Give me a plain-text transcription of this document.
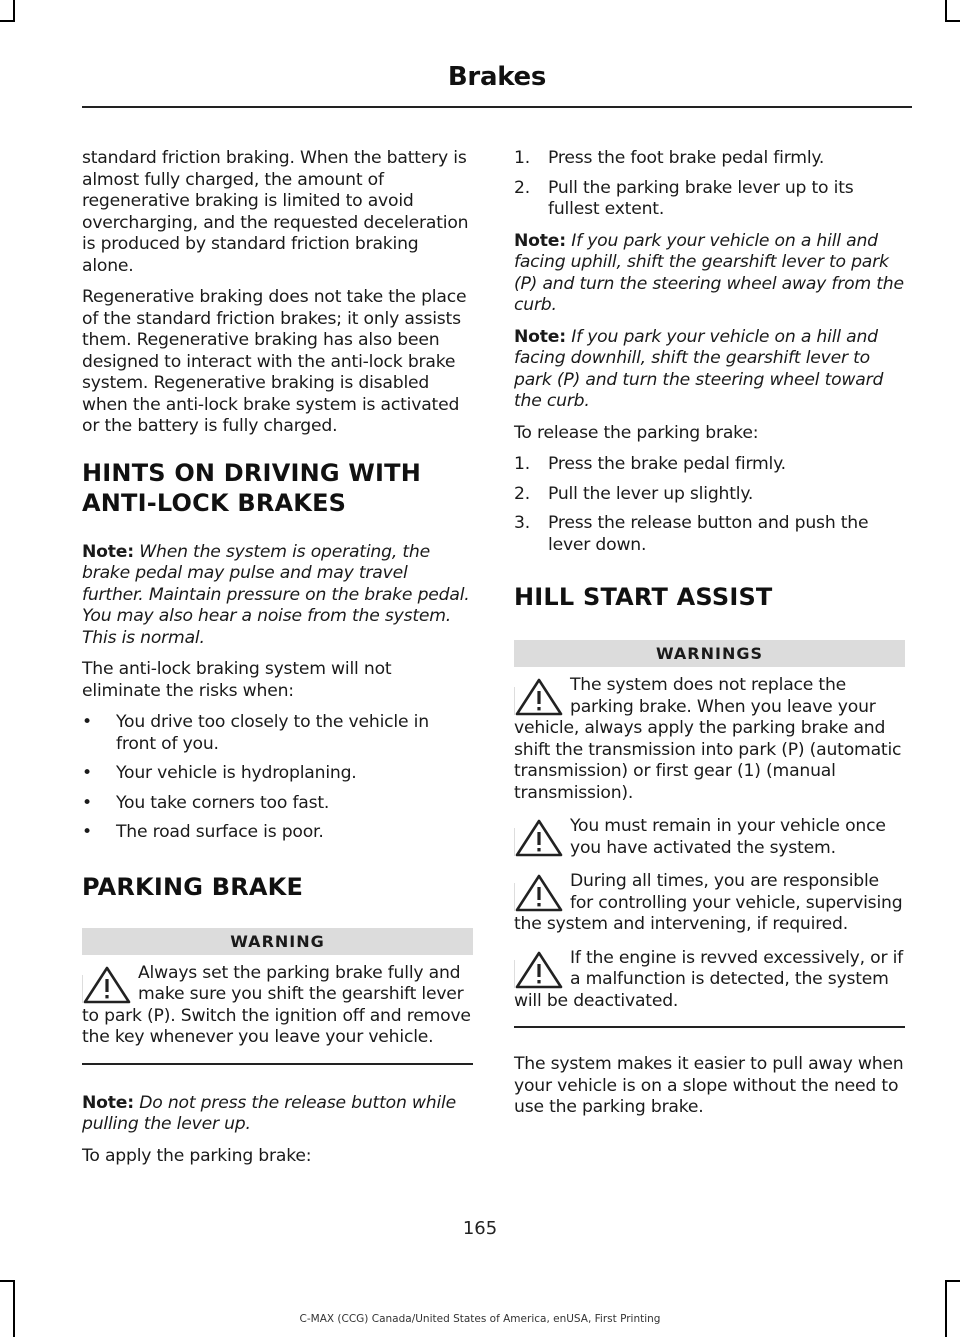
Brakes

standard friction braking. When the battery is almost fully charged, the amount of regenerative braking is limited to avoid overcharging, and the requested deceleration is produced by standard friction braking alone.

Regenerative braking does not take the place of the standard friction brakes; it only assists them. Regenerative braking has also been designed to interact with the anti-lock brake system. Regenerative braking is disabled when the anti-lock brake system is activated or the battery is fully charged.

HINTS ON DRIVING WITH
ANTI-LOCK BRAKES

Note: When the system is operating, the brake pedal may pulse and may travel further. Maintain pressure on the brake pedal. You may also hear a noise from the system. This is normal.

The anti-lock braking system will not eliminate the risks when:

• You drive too closely to the vehicle in front of you.
• Your vehicle is hydroplaning.
• You take corners too fast.
• The road surface is poor.
PARKING BRAKE
WARNING
Always set the parking brake fully and make sure you shift the gearshift lever to park (P). Switch the ignition off and remove the key whenever you leave your vehicle.

Note: Do not press the release button while pulling the lever up.

To apply the parking brake:

1. Press the foot brake pedal firmly.
2. Pull the parking brake lever up to its fullest extent.

Note: If you park your vehicle on a hill and facing uphill, shift the gearshift lever to park (P) and turn the steering wheel away from the curb.

Note: If you park your vehicle on a hill and facing downhill, shift the gearshift lever to park (P) and turn the steering wheel toward the curb.

To release the parking brake:

1. Press the brake pedal firmly.
2. Pull the lever up slightly.
3. Press the release button and push the lever down.
HILL START ASSIST
WARNINGS
The system does not replace the parking brake. When you leave your vehicle, always apply the parking brake and shift the transmission into park (P) (automatic transmission) or first gear (1) (manual transmission).
You must remain in your vehicle once you have activated the system.
During all times, you are responsible for controlling your vehicle, supervising the system and intervening, if required.
If the engine is revved excessively, or if a malfunction is detected, the system will be deactivated.

The system makes it easier to pull away when your vehicle is on a slope without the need to use the parking brake.

165
C-MAX (CCG) Canada/United States of America, enUSA, First Printing
